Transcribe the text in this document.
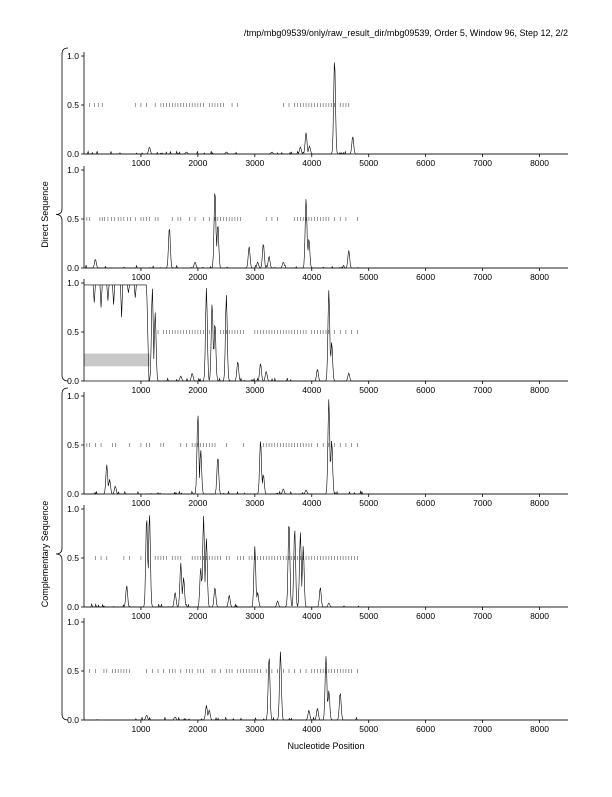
/tmp/mbg09539/only/raw_result_dir/mbg09539, Order 5, Window 96, Step 12, 2/2
Nucleotide Position
0.0
0.5
1.0
1000	2000	3000	4000	5000	6000	7000	8000
0.0
0.5
1.0
1000	2000	3000	4000	5000	6000	7000	8000
0.0
0.5
1.0
1000	2000	3000	4000	5000	6000	7000	8000
0.0
0.5
1.0
1000	2000	3000	4000	5000	6000	7000	8000
0.0
0.5
1.0
1000	2000	3000	4000	5000	6000	7000	8000
0.0
0.5
1.0
1000	2000	3000	4000	5000	6000	7000	8000
Direct Sequence
Complementary Sequence
